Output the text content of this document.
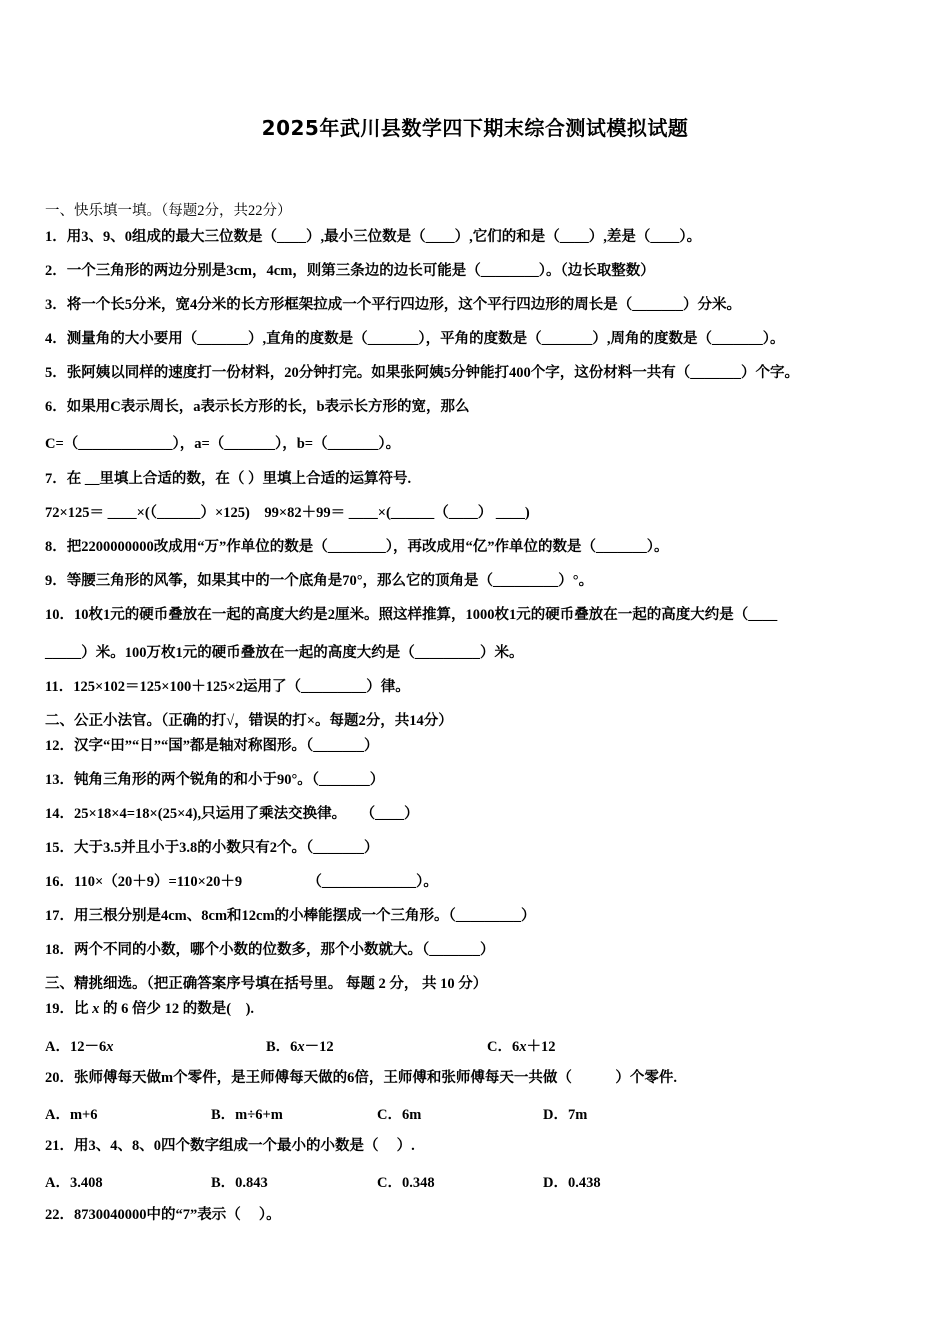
2025年武川县数学四下期末综合测试模拟试题
一、快乐填一填。（每题2分，共22分）
1．用3、9、0组成的最大三位数是（____）,最小三位数是（____）,它们的和是（____）,差是（____）。
2．一个三角形的两边分别是3cm，4cm，则第三条边的边长可能是（________）。（边长取整数）
3．将一个长5分米，宽4分米的长方形框架拉成一个平行四边形，这个平行四边形的周长是（_______）分米。
4．测量角的大小要用（_______）,直角的度数是（_______），平角的度数是（_______）,周角的度数是（_______）。
5．张阿姨以同样的速度打一份材料，20分钟打完。如果张阿姨5分钟能打400个字，这份材料一共有（_______）个字。
6．如果用C表示周长，a表示长方形的长，b表示长方形的宽，那么
C=（_____________），a=（_______），b=（_______）。
7．在 __里填上合适的数，在（ ）里填上合适的运算符号.
72×125＝ ____×(（______）×125)    99×82＋99＝ ____×(______（____） ____)
8．把2200000000改成用“万”作单位的数是（________），再改成用“亿”作单位的数是（_______）。
9．等腰三角形的风筝，如果其中的一个底角是70°，那么它的顶角是（_________）°。
10．10枚1元的硬币叠放在一起的高度大约是2厘米。照这样推算，1000枚1元的硬币叠放在一起的高度大约是（____
_____）米。100万枚1元的硬币叠放在一起的高度大约是（_________）米。
11．125×102＝125×100＋125×2运用了（_________）律。
二、公正小法官。（正确的打√，错误的打×。每题2分，共14分）
12．汉字“田”“日”“国”都是轴对称图形。（_______）
13．钝角三角形的两个锐角的和小于90°。（_______）
14．25×18×4=18×(25×4),只运用了乘法交换律。    （____）
15．大于3.5并且小于3.8的小数只有2个。（_______）
16．110×（20＋9）=110×20＋9                  （_____________）。
17．用三根分别是4cm、8cm和12cm的小棒能摆成一个三角形。（_________）
18．两个不同的小数，哪个小数的位数多，那个小数就大。（_______）
三、精挑细选。（把正确答案序号填在括号里。 每题 2 分， 共 10 分）
19．比 x 的 6 倍少 12 的数是(    ).
A．12－6x	B．6x－12	C．6x＋12
20．张师傅每天做m个零件，是王师傅每天做的6倍，王师傅和张师傅每天一共做（            ）个零件.
A．m+6	B．m÷6+m	C．6m	D．7m
21．用3、4、8、0四个数字组成一个最小的小数是（     ）.
A．3.408	B．0.843	C．0.348	D．0.438
22．8730040000中的“7”表示（     ）。
